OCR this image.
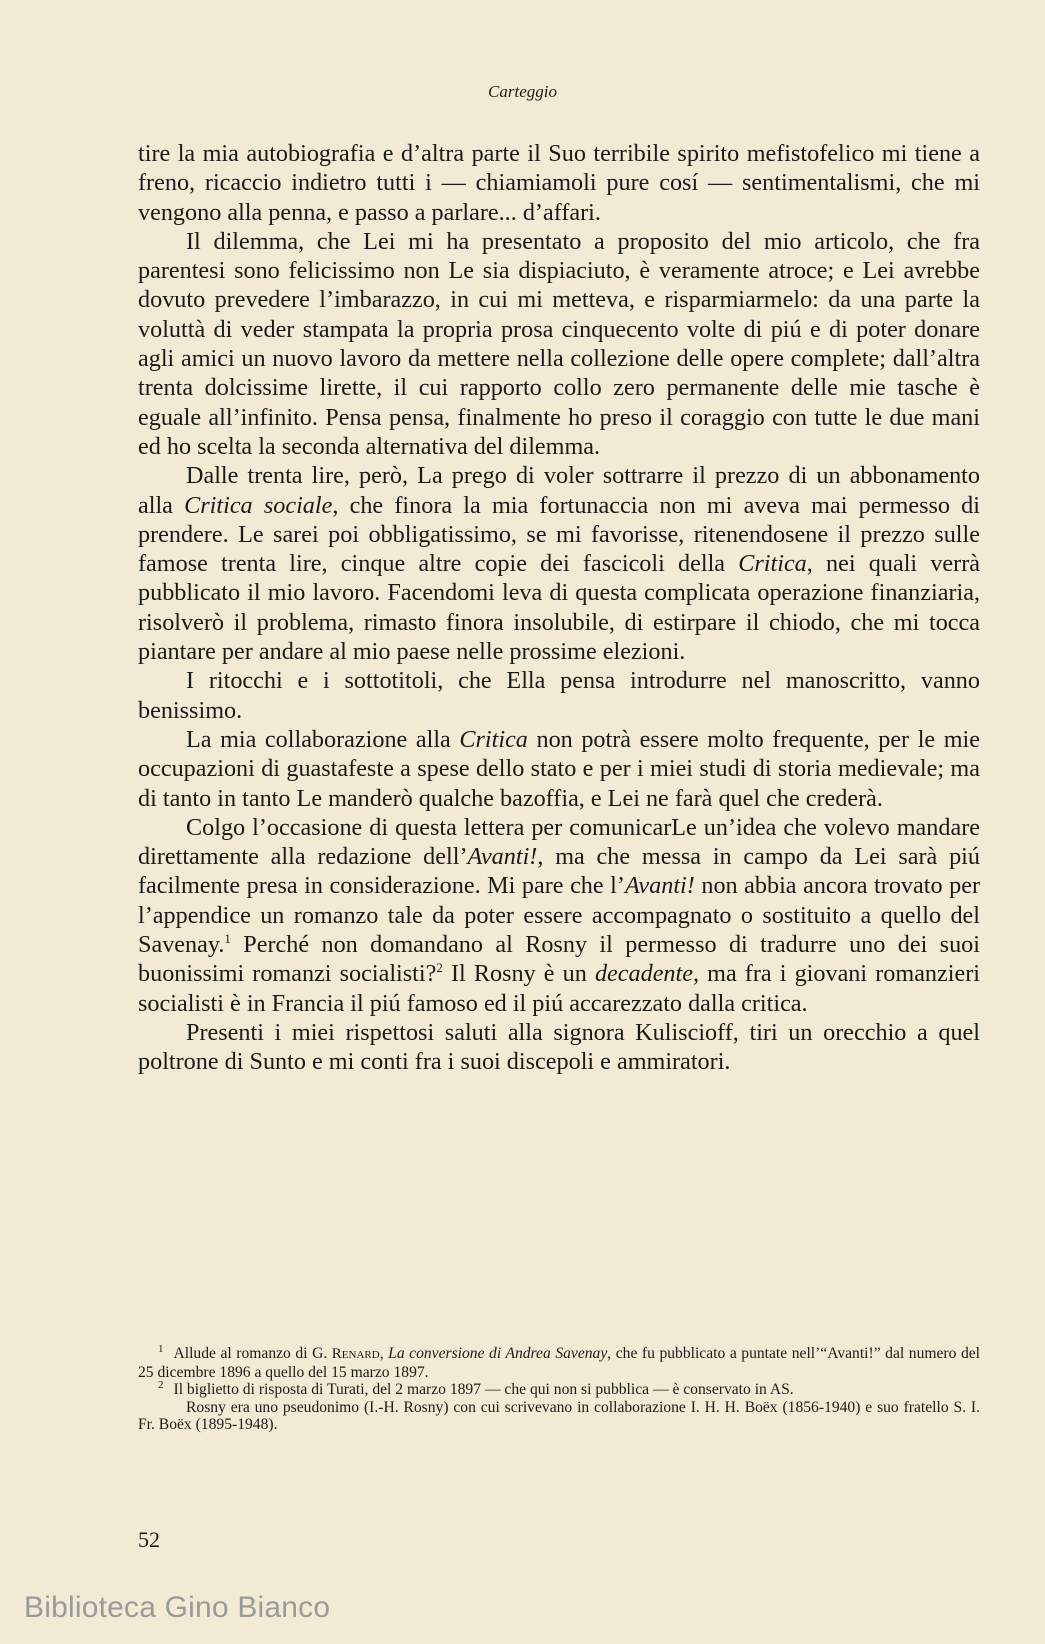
Carteggio

tire la mia autobiografia e d’altra parte il Suo terribile spirito mefistofelico mi tiene a freno, ricaccio indietro tutti i — chiamiamoli pure cosí — sentimentalismi, che mi vengono alla penna, e passo a parlare... d’affari.

Il dilemma, che Lei mi ha presentato a proposito del mio articolo, che fra parentesi sono felicissimo non Le sia dispiaciuto, è veramente atroce; e Lei avrebbe dovuto prevedere l’imbarazzo, in cui mi metteva, e risparmiarmelo: da una parte la voluttà di veder stampata la propria prosa cinquecento volte di piú e di poter donare agli amici un nuovo lavoro da mettere nella collezione delle opere complete; dall’altra trenta dolcissime lirette, il cui rapporto collo zero permanente delle mie tasche è eguale all’infinito. Pensa pensa, finalmente ho preso il coraggio con tutte le due mani ed ho scelta la seconda alternativa del dilemma.

Dalle trenta lire, però, La prego di voler sottrarre il prezzo di un abbonamento alla Critica sociale, che finora la mia fortunaccia non mi aveva mai permesso di prendere. Le sarei poi obbligatissimo, se mi favorisse, ritenendosene il prezzo sulle famose trenta lire, cinque altre copie dei fascicoli della Critica, nei quali verrà pubblicato il mio lavoro. Facendomi leva di questa complicata operazione finanziaria, risolverò il problema, rimasto finora insolubile, di estirpare il chiodo, che mi tocca piantare per andare al mio paese nelle prossime elezioni.

I ritocchi e i sottotitoli, che Ella pensa introdurre nel manoscritto, vanno benissimo.

La mia collaborazione alla Critica non potrà essere molto frequente, per le mie occupazioni di guastafeste a spese dello stato e per i miei studi di storia medievale; ma di tanto in tanto Le manderò qualche bazoffia, e Lei ne farà quel che crederà.

Colgo l’occasione di questa lettera per comunicarLe un’idea che volevo mandare direttamente alla redazione dell’Avanti!, ma che messa in campo da Lei sarà piú facilmente presa in considerazione. Mi pare che l’Avanti! non abbia ancora trovato per l’appendice un romanzo tale da poter essere accompagnato o sostituito a quello del Savenay.$^1$ Perché non domandano al Rosny il permesso di tradurre uno dei suoi buonissimi romanzi socialisti?$^2$ Il Rosny è un decadente, ma fra i giovani romanzieri socialisti è in Francia il piú famoso ed il piú accarezzato dalla critica.

Presenti i miei rispettosi saluti alla signora Kuliscioff, tiri un orecchio a quel poltrone di Sunto e mi conti fra i suoi discepoli e ammiratori.

$^1$ Allude al romanzo di G. Renard, La conversione di Andrea Savenay, che fu pubblicato a puntate nell’“Avanti!” dal numero del 25 dicembre 1896 a quello del 15 marzo 1897.

$^2$ Il biglietto di risposta di Turati, del 2 marzo 1897 — che qui non si pubblica — è conservato in AS.

Rosny era uno pseudonimo (I.-H. Rosny) con cui scrivevano in collaborazione I. H. H. Boëx (1856-1940) e suo fratello S. I. Fr. Boëx (1895-1948).

52
Biblioteca Gino Bianco
